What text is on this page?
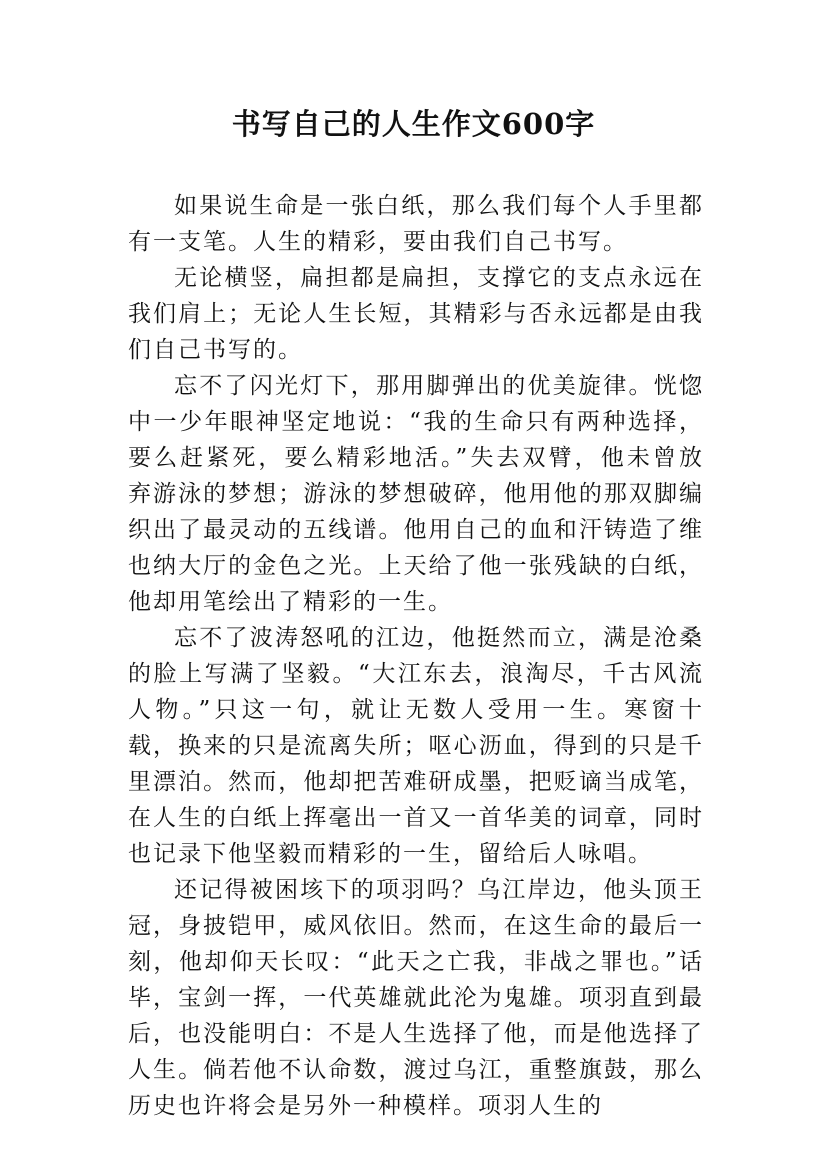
书写自己的人生作文600字

如果说生命是一张白纸，那么我们每个人手里都有一支笔。人生的精彩，要由我们自己书写。

无论横竖，扁担都是扁担，支撑它的支点永远在我们肩上；无论人生长短，其精彩与否永远都是由我们自己书写的。

忘不了闪光灯下，那用脚弹出的优美旋律。恍惚中一少年眼神坚定地说：“我的生命只有两种选择，要么赶紧死，要么精彩地活。”失去双臂，他未曾放弃游泳的梦想；游泳的梦想破碎，他用他的那双脚编织出了最灵动的五线谱。他用自己的血和汗铸造了维也纳大厅的金色之光。上天给了他一张残缺的白纸，他却用笔绘出了精彩的一生。

忘不了波涛怒吼的江边，他挺然而立，满是沧桑的脸上写满了坚毅。“大江东去，浪淘尽，千古风流人物。”只这一句，就让无数人受用一生。寒窗十载，换来的只是流离失所；呕心沥血，得到的只是千里漂泊。然而，他却把苦难研成墨，把贬谪当成笔，在人生的白纸上挥毫出一首又一首华美的词章，同时也记录下他坚毅而精彩的一生，留给后人咏唱。

还记得被困垓下的项羽吗？乌江岸边，他头顶王冠，身披铠甲，威风依旧。然而，在这生命的最后一刻，他却仰天长叹：“此天之亡我，非战之罪也。”话毕，宝剑一挥，一代英雄就此沦为鬼雄。项羽直到最后，也没能明白：不是人生选择了他，而是他选择了人生。倘若他不认命数，渡过乌江，重整旗鼓，那么历史也许将会是另外一种模样。项羽人生的
